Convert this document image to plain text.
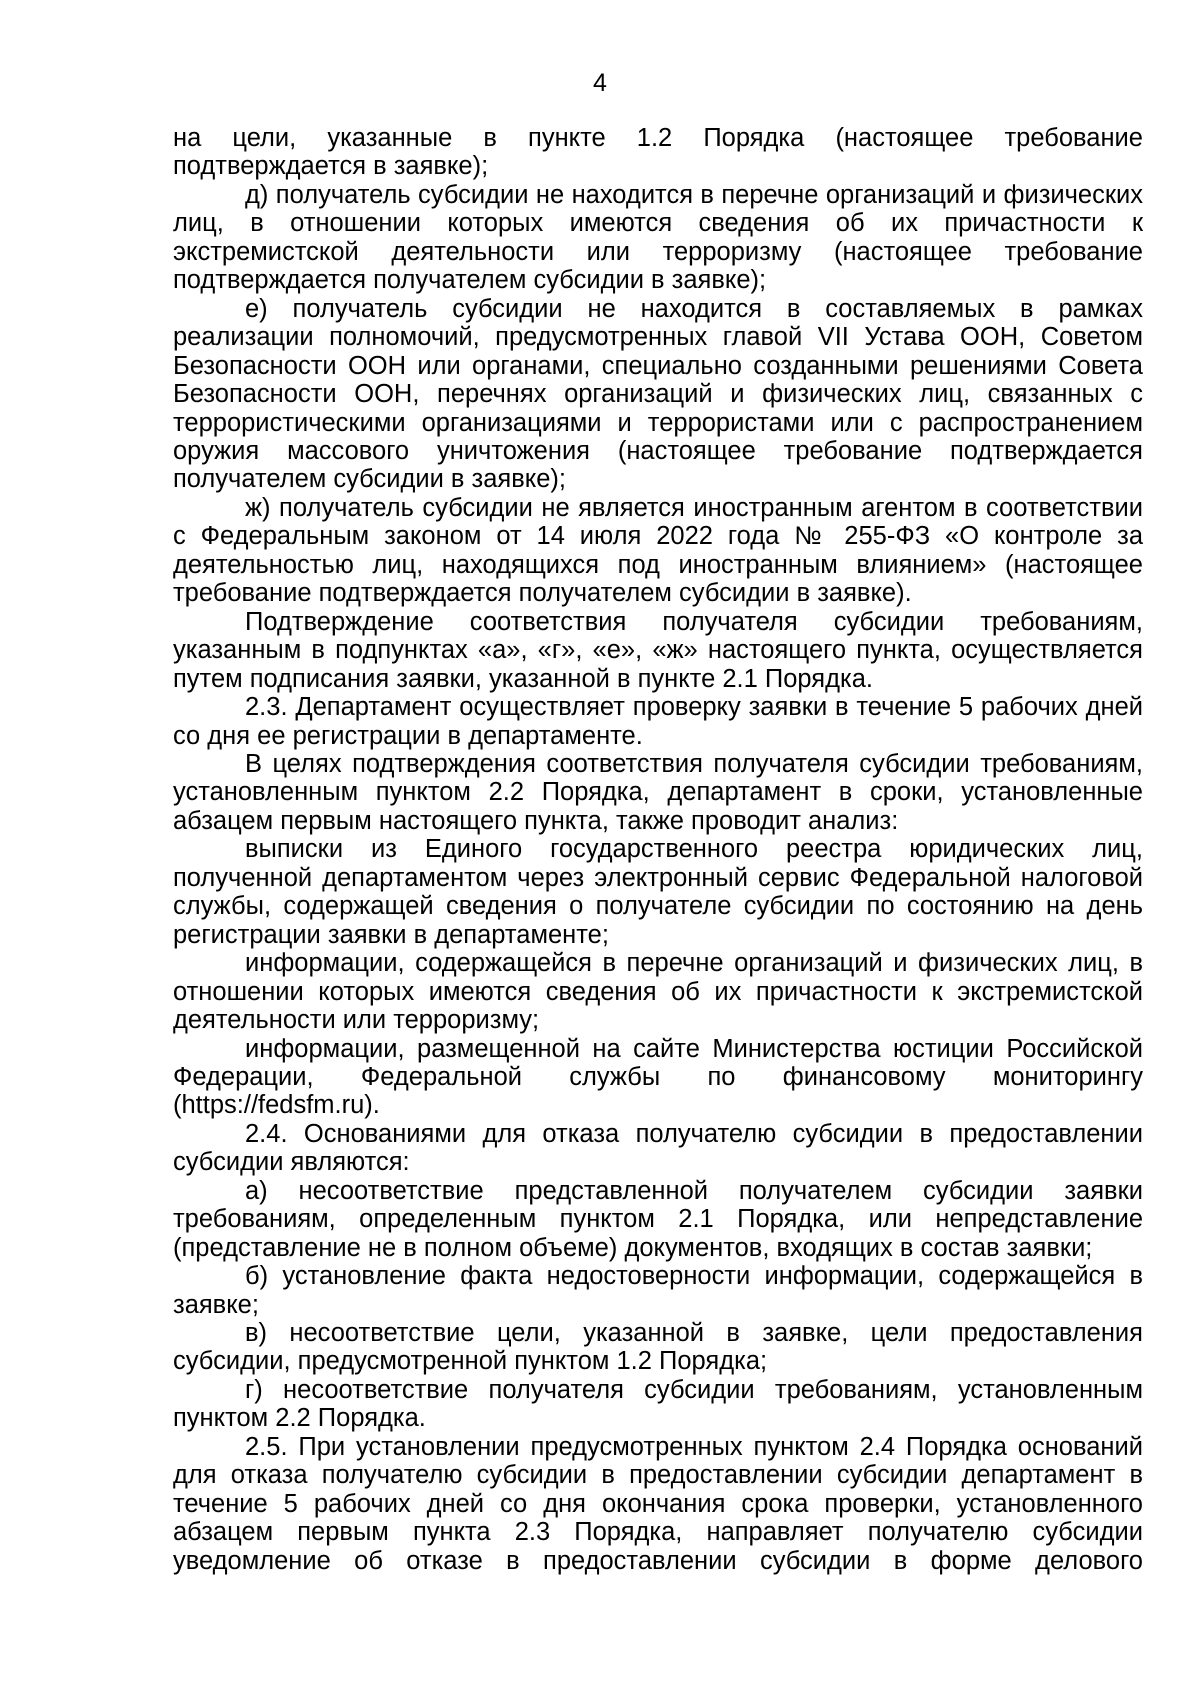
4

на цели, указанные в пункте 1.2 Порядка (настоящее требование подтверждается в заявке);

д) получатель субсидии не находится в перечне организаций и физических лиц, в отношении которых имеются сведения об их причастности к экстремистской деятельности или терроризму (настоящее требование подтверждается получателем субсидии в заявке);

е) получатель субсидии не находится в составляемых в рамках реализации полномочий, предусмотренных главой VII Устава ООН, Советом Безопасности ООН или органами, специально созданными решениями Совета Безопасности ООН, перечнях организаций и физических лиц, связанных с террористическими организациями и террористами или с распространением оружия массового уничтожения (настоящее требование подтверждается получателем субсидии в заявке);

ж) получатель субсидии не является иностранным агентом в соответствии с Федеральным законом от 14 июля 2022 года № 255-ФЗ «О контроле за деятельностью лиц, находящихся под иностранным влиянием» (настоящее требование подтверждается получателем субсидии в заявке).

Подтверждение соответствия получателя субсидии требованиям, указанным в подпунктах «а», «г», «е», «ж» настоящего пункта, осуществляется путем подписания заявки, указанной в пункте 2.1 Порядка.

2.3. Департамент осуществляет проверку заявки в течение 5 рабочих дней со дня ее регистрации в департаменте.

В целях подтверждения соответствия получателя субсидии требованиям, установленным пунктом 2.2 Порядка, департамент в сроки, установленные абзацем первым настоящего пункта, также проводит анализ:

выписки из Единого государственного реестра юридических лиц, полученной департаментом через электронный сервис Федеральной налоговой службы, содержащей сведения о получателе субсидии по состоянию на день регистрации заявки в департаменте;

информации, содержащейся в перечне организаций и физических лиц, в отношении которых имеются сведения об их причастности к экстремистской деятельности или терроризму;

информации, размещенной на сайте Министерства юстиции Российской Федерации, Федеральной службы по финансовому мониторингу (https://fedsfm.ru).

2.4. Основаниями для отказа получателю субсидии в предоставлении субсидии являются:

а) несоответствие представленной получателем субсидии заявки требованиям, определенным пунктом 2.1 Порядка, или непредставление (представление не в полном объеме) документов, входящих в состав заявки;

б) установление факта недостоверности информации, содержащейся в заявке;

в) несоответствие цели, указанной в заявке, цели предоставления субсидии, предусмотренной пунктом 1.2 Порядка;

г) несоответствие получателя субсидии требованиям, установленным пунктом 2.2 Порядка.

2.5. При установлении предусмотренных пунктом 2.4 Порядка оснований для отказа получателю субсидии в предоставлении субсидии департамент в течение 5 рабочих дней со дня окончания срока проверки, установленного абзацем первым пункта 2.3 Порядка, направляет получателю субсидии уведомление об отказе в предоставлении субсидии в форме делового
